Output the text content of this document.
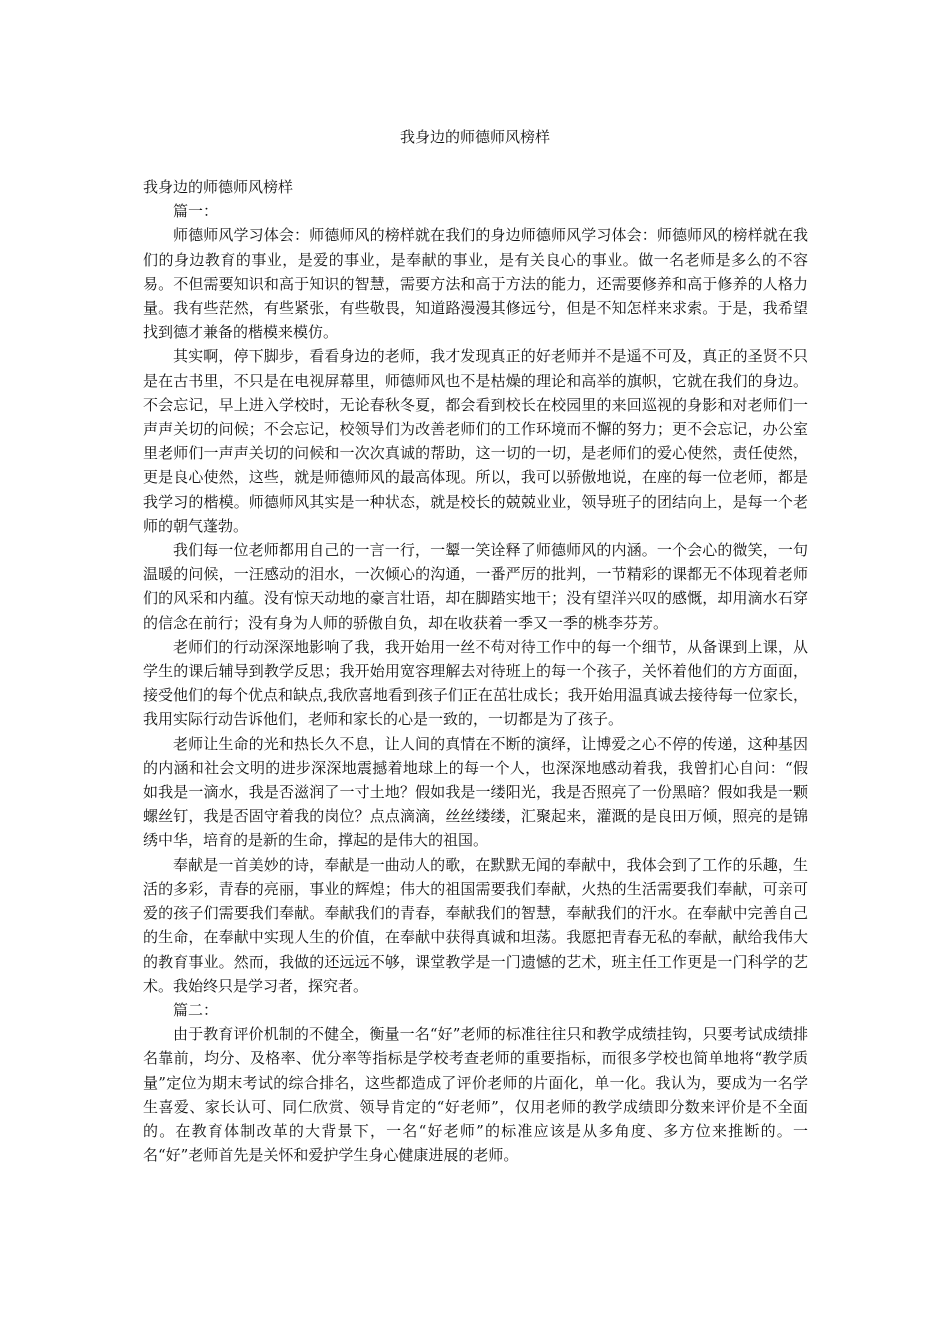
我身边的师德师风榜样

我身边的师德师风榜样

篇一：

师德师风学习体会：师德师风的榜样就在我们的身边师德师风学习体会：师德师风的榜样就在我们的身边教育的事业，是爱的事业，是奉献的事业，是有关良心的事业。做一名老师是多么的不容易。不但需要知识和高于知识的智慧，需要方法和高于方法的能力，还需要修养和高于修养的人格力量。我有些茫然，有些紧张，有些敬畏，知道路漫漫其修远兮，但是不知怎样来求索。于是，我希望找到德才兼备的楷模来模仿。

其实啊，停下脚步，看看身边的老师，我才发现真正的好老师并不是遥不可及，真正的圣贤不只是在古书里，不只是在电视屏幕里，师德师风也不是枯燥的理论和高举的旗帜，它就在我们的身边。不会忘记，早上进入学校时，无论春秋冬夏，都会看到校长在校园里的来回巡视的身影和对老师们一声声关切的问候；不会忘记，校领导们为改善老师们的工作环境而不懈的努力；更不会忘记，办公室里老师们一声声关切的问候和一次次真诚的帮助，这一切的一切，是老师们的爱心使然，责任使然，更是良心使然，这些，就是师德师风的最高体现。所以，我可以骄傲地说，在座的每一位老师，都是我学习的楷模。师德师风其实是一种状态，就是校长的兢兢业业，领导班子的团结向上，是每一个老师的朝气蓬勃。

我们每一位老师都用自己的一言一行，一颦一笑诠释了师德师风的内涵。一个会心的微笑，一句温暖的问候，一汪感动的泪水，一次倾心的沟通，一番严厉的批判，一节精彩的课都无不体现着老师们的风采和内蕴。没有惊天动地的豪言壮语，却在脚踏实地干；没有望洋兴叹的感慨，却用滴水石穿的信念在前行；没有身为人师的骄傲自负，却在收获着一季又一季的桃李芬芳。

老师们的行动深深地影响了我，我开始用一丝不苟对待工作中的每一个细节，从备课到上课，从学生的课后辅导到教学反思；我开始用宽容理解去对待班上的每一个孩子，关怀着他们的方方面面，接受他们的每个优点和缺点,我欣喜地看到孩子们正在茁壮成长；我开始用温真诚去接待每一位家长，我用实际行动告诉他们，老师和家长的心是一致的，一切都是为了孩子。

老师让生命的光和热长久不息，让人间的真情在不断的演绎，让博爱之心不停的传递，这种基因的内涵和社会文明的进步深深地震撼着地球上的每一个人，也深深地感动着我，我曾扪心自问：“假如我是一滴水，我是否滋润了一寸土地？假如我是一缕阳光，我是否照亮了一份黑暗？假如我是一颗螺丝钉，我是否固守着我的岗位？点点滴滴，丝丝缕缕，汇聚起来，灌溉的是良田万倾，照亮的是锦绣中华，培育的是新的生命，撑起的是伟大的祖国。

奉献是一首美妙的诗，奉献是一曲动人的歌，在默默无闻的奉献中，我体会到了工作的乐趣，生活的多彩，青春的亮丽，事业的辉煌；伟大的祖国需要我们奉献，火热的生活需要我们奉献，可亲可爱的孩子们需要我们奉献。奉献我们的青春，奉献我们的智慧，奉献我们的汗水。在奉献中完善自己的生命，在奉献中实现人生的价值，在奉献中获得真诚和坦荡。我愿把青春无私的奉献，献给我伟大的教育事业。然而，我做的还远远不够，课堂教学是一门遗憾的艺术，班主任工作更是一门科学的艺术。我始终只是学习者，探究者。

篇二：

由于教育评价机制的不健全，衡量一名“好”老师的标准往往只和教学成绩挂钩，只要考试成绩排名靠前，均分、及格率、优分率等指标是学校考查老师的重要指标，而很多学校也简单地将“教学质量”定位为期末考试的综合排名，这些都造成了评价老师的片面化，单一化。我认为，要成为一名学生喜爱、家长认可、同仁欣赏、领导肯定的“好老师”，仅用老师的教学成绩即分数来评价是不全面的。在教育体制改革的大背景下，一名“好老师”的标准应该是从多角度、多方位来推断的。一名“好”老师首先是关怀和爱护学生身心健康进展的老师。
